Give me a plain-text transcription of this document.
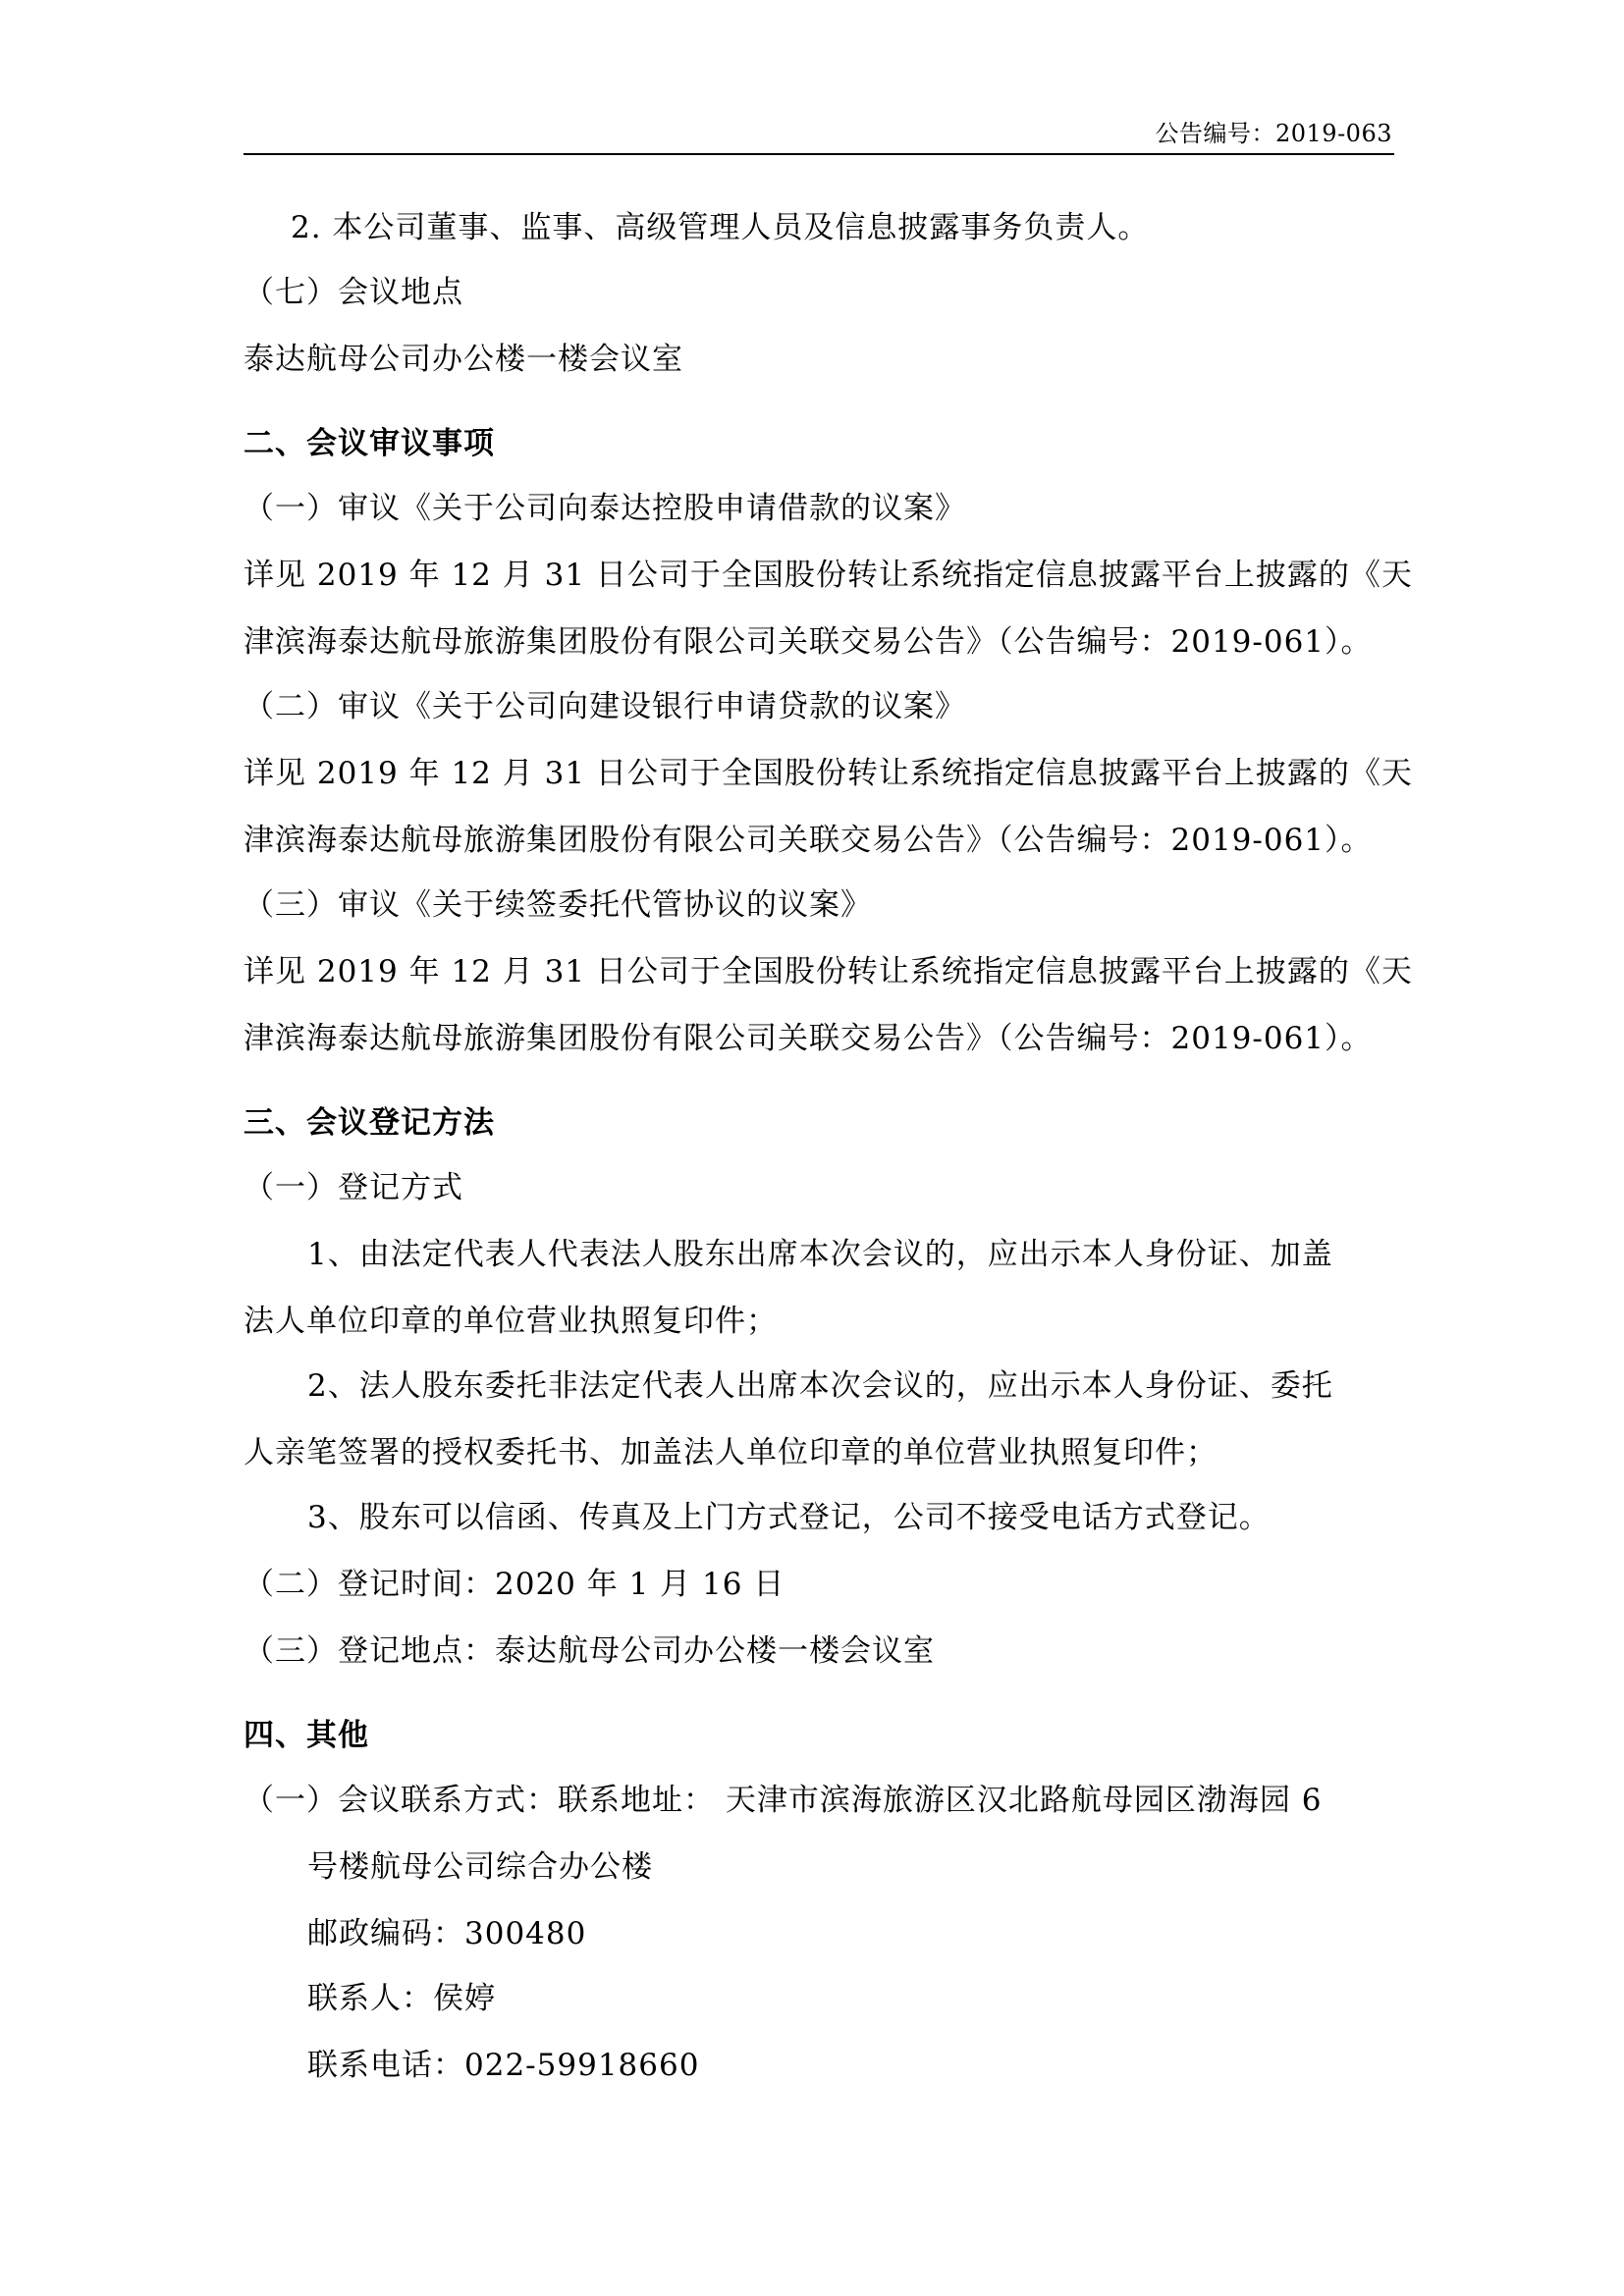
公告编号：2019-063
2. 本公司董事、监事、高级管理人员及信息披露事务负责人。
（七）会议地点
泰达航母公司办公楼一楼会议室
二、会议审议事项
（一）审议《关于公司向泰达控股申请借款的议案》
详见 2019 年 12 月 31 日公司于全国股份转让系统指定信息披露平台上披露的《天
津滨海泰达航母旅游集团股份有限公司关联交易公告》（公告编号：2019-061）。
（二）审议《关于公司向建设银行申请贷款的议案》
详见 2019 年 12 月 31 日公司于全国股份转让系统指定信息披露平台上披露的《天
津滨海泰达航母旅游集团股份有限公司关联交易公告》（公告编号：2019-061）。
（三）审议《关于续签委托代管协议的议案》
详见 2019 年 12 月 31 日公司于全国股份转让系统指定信息披露平台上披露的《天
津滨海泰达航母旅游集团股份有限公司关联交易公告》（公告编号：2019-061）。
三、会议登记方法
（一）登记方式
1、由法定代表人代表法人股东出席本次会议的，应出示本人身份证、加盖
法人单位印章的单位营业执照复印件；
2、法人股东委托非法定代表人出席本次会议的，应出示本人身份证、委托
人亲笔签署的授权委托书、加盖法人单位印章的单位营业执照复印件；
3、股东可以信函、传真及上门方式登记，公司不接受电话方式登记。
（二）登记时间：2020 年 1 月 16 日
（三）登记地点：泰达航母公司办公楼一楼会议室
四、其他
（一）会议联系方式：联系地址： 天津市滨海旅游区汉北路航母园区渤海园 6
号楼航母公司综合办公楼
邮政编码：300480
联系人：侯婷
联系电话：022-59918660
